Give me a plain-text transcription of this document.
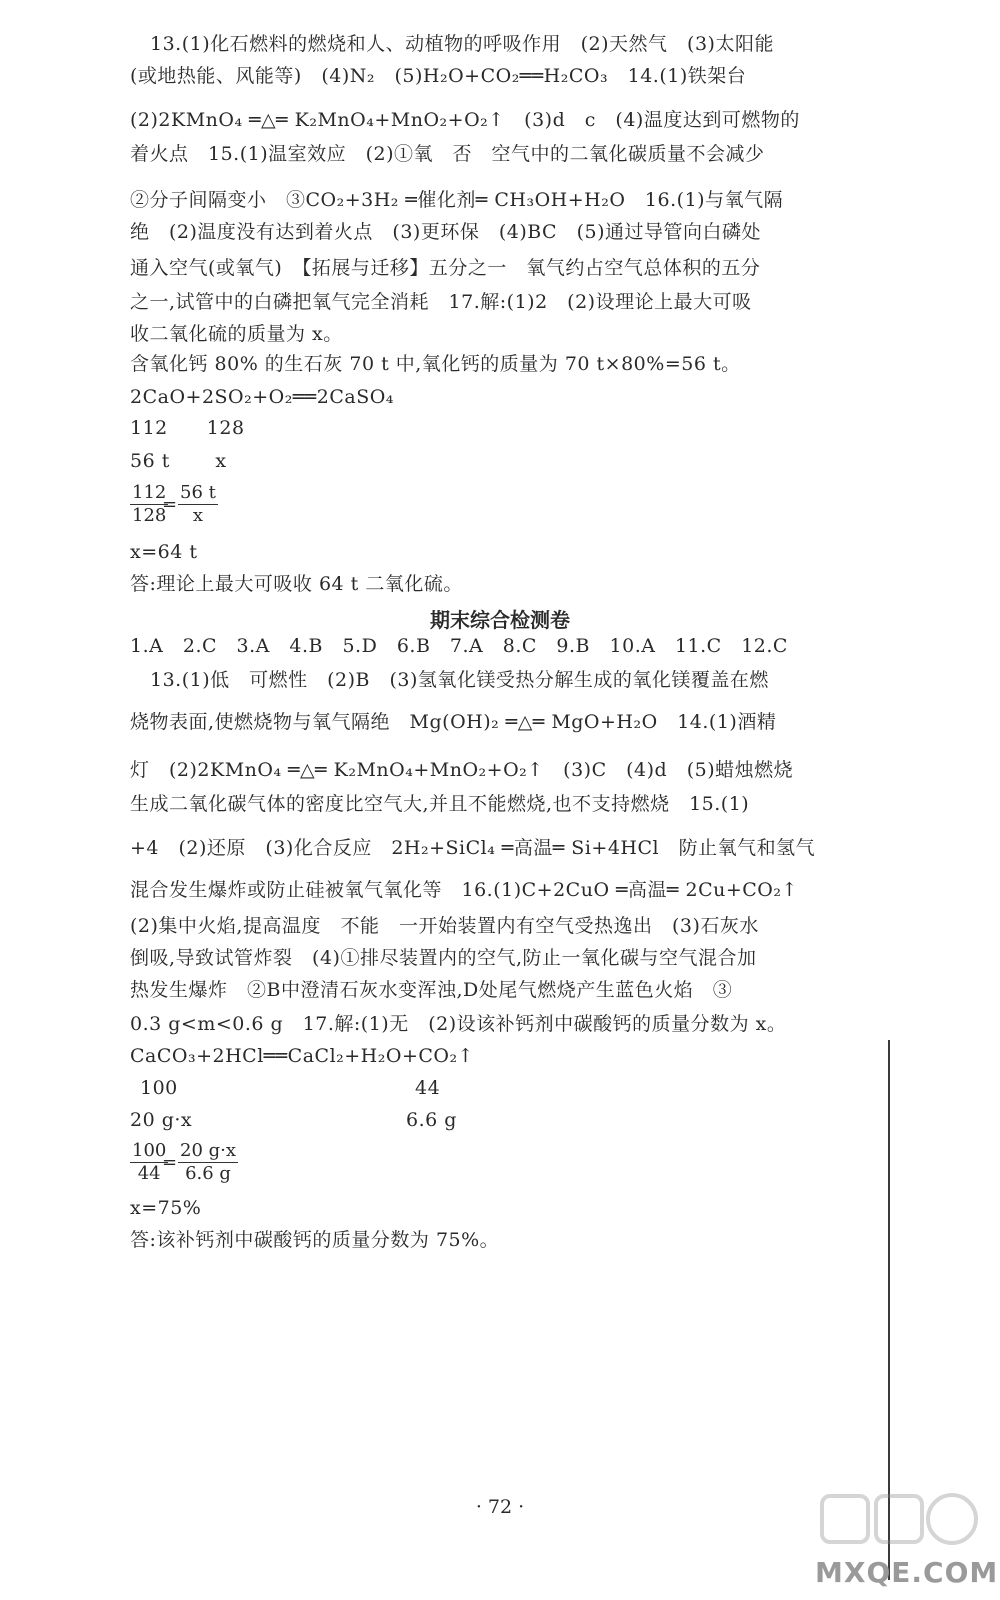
13.(1)化石燃料的燃烧和人、动植物的呼吸作用　(2)天然气　(3)太阳能
(或地热能、风能等)　(4)N₂　(5)H₂O+CO₂══H₂CO₃　14.(1)铁架台
(2)2KMnO₄ ═△═ K₂MnO₄+MnO₂+O₂↑　(3)d　c　(4)温度达到可燃物的
着火点　15.(1)温室效应　(2)①氧　否　空气中的二氧化碳质量不会减少
②分子间隔变小　③CO₂+3H₂ ═催化剂═ CH₃OH+H₂O　16.(1)与氧气隔
绝　(2)温度没有达到着火点　(3)更环保　(4)BC　(5)通过导管向白磷处
通入空气(或氧气)　【拓展与迁移】五分之一　氧气约占空气总体积的五分
之一,试管中的白磷把氧气完全消耗　17.解:(1)2　(2)设理论上最大可吸
收二氧化硫的质量为 x。
含氧化钙 80% 的生石灰 70 t 中,氧化钙的质量为 70 t×80%=56 t。
2CaO+2SO₂+O₂══2CaSO₄
112　　128
56 t　　 x
$\frac{112}{128}$
= $\frac{56 t}{x}$
x=64 t
答:理论上最大可吸收 64 t 二氧化硫。
期末综合检测卷
1.A　2.C　3.A　4.B　5.D　6.B　7.A　8.C　9.B　10.A　11.C　12.C
13.(1)低　可燃性　(2)B　(3)氢氧化镁受热分解生成的氧化镁覆盖在燃
烧物表面,使燃烧物与氧气隔绝　Mg(OH)₂ ═△═ MgO+H₂O　14.(1)酒精
灯　(2)2KMnO₄ ═△═ K₂MnO₄+MnO₂+O₂↑　(3)C　(4)d　(5)蜡烛燃烧
生成二氧化碳气体的密度比空气大,并且不能燃烧,也不支持燃烧　15.(1)
+4　(2)还原　(3)化合反应　2H₂+SiCl₄ ═高温═ Si+4HCl　防止氧气和氢气
混合发生爆炸或防止硅被氧气氧化等　16.(1)C+2CuO ═高温═ 2Cu+CO₂↑
(2)集中火焰,提高温度　不能　一开始装置内有空气受热逸出　(3)石灰水
倒吸,导致试管炸裂　(4)①排尽装置内的空气,防止一氧化碳与空气混合加
热发生爆炸　②B中澄清石灰水变浑浊,D处尾气燃烧产生蓝色火焰　③
0.3 g<m<0.6 g　17.解:(1)无　(2)设该补钙剂中碳酸钙的质量分数为 x。
CaCO₃+2HCl══CaCl₂+H₂O+CO₂↑
100	44
20 g·x	6.6 g
$\frac{100}{44}$
= $\frac{20 g\cdot x}{6.6 g}$
x=75%
答:该补钙剂中碳酸钙的质量分数为 75%。
· 72 ·
MXQE.COM
